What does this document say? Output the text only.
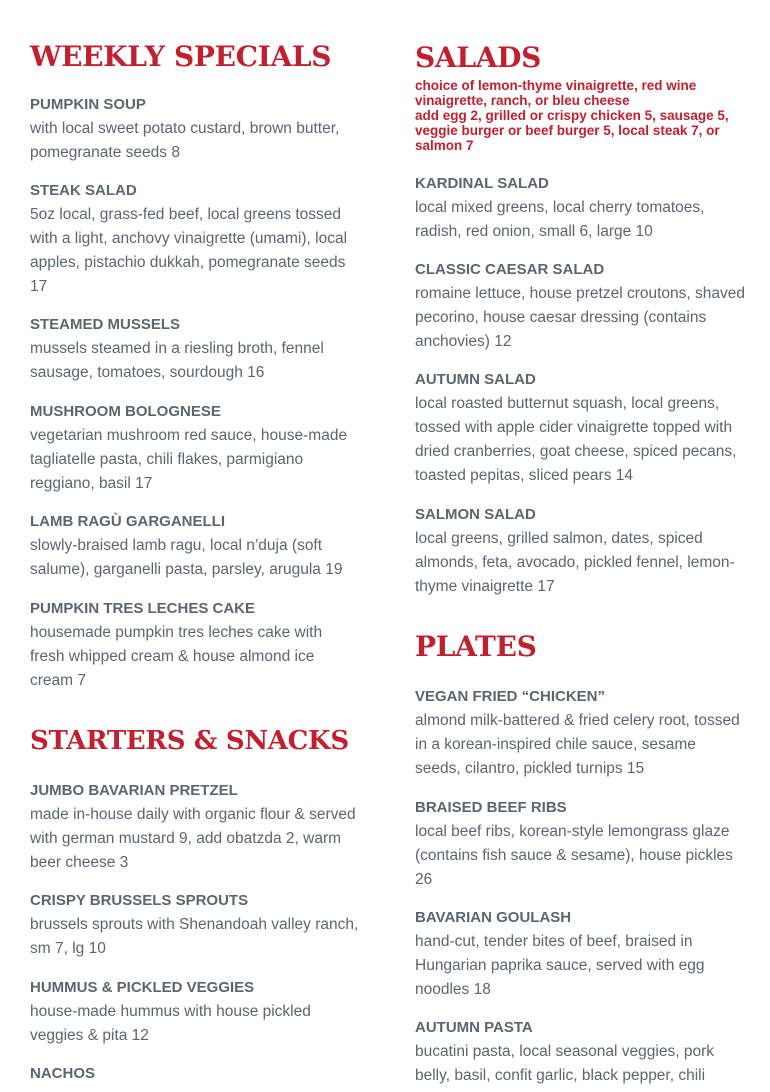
WEEKLY SPECIALS
PUMPKIN SOUP
with local sweet potato custard, brown butter, pomegranate seeds 8
STEAK SALAD
5oz local, grass-fed beef, local greens tossed with a light, anchovy vinaigrette (umami), local apples, pistachio dukkah, pomegranate seeds 17
STEAMED MUSSELS
mussels steamed in a riesling broth, fennel sausage, tomatoes, sourdough 16
MUSHROOM BOLOGNESE
vegetarian mushroom red sauce, house-made tagliatelle pasta, chili flakes, parmigiano reggiano, basil 17
LAMB RAGÙ GARGANELLI
slowly-braised lamb ragu, local n’duja (soft salume), garganelli pasta, parsley, arugula 19
PUMPKIN TRES LECHES CAKE
housemade pumpkin tres leches cake with fresh whipped cream & house almond ice cream 7
STARTERS & SNACKS
JUMBO BAVARIAN PRETZEL
made in-house daily with organic flour & served with german mustard 9, add obatzda 2, warm beer cheese 3
CRISPY BRUSSELS SPROUTS
brussels sprouts with Shenandoah valley ranch, sm 7, lg 10
HUMMUS & PICKLED VEGGIES
house-made hummus with house pickled veggies & pita 12
NACHOS
SALADS
choice of lemon-thyme vinaigrette, red wine vinaigrette, ranch, or bleu cheese
add egg 2, grilled or crispy chicken 5, sausage 5, veggie burger or beef burger 5, local steak 7, or salmon 7
KARDINAL SALAD
local mixed greens, local cherry tomatoes, radish, red onion, small 6, large 10
CLASSIC CAESAR SALAD
romaine lettuce, house pretzel croutons, shaved pecorino, house caesar dressing (contains anchovies) 12
AUTUMN SALAD
local roasted butternut squash, local greens, tossed with apple cider vinaigrette topped with dried cranberries, goat cheese, spiced pecans, toasted pepitas, sliced pears 14
SALMON SALAD
local greens, grilled salmon, dates, spiced almonds, feta, avocado, pickled fennel, lemon-thyme vinaigrette 17
PLATES
VEGAN FRIED “CHICKEN”
almond milk-battered & fried celery root, tossed in a korean-inspired chile sauce, sesame seeds, cilantro, pickled turnips 15
BRAISED BEEF RIBS
local beef ribs, korean-style lemongrass glaze (contains fish sauce & sesame), house pickles 26
BAVARIAN GOULASH
hand-cut, tender bites of beef, braised in Hungarian paprika sauce, served with egg noodles 18
AUTUMN PASTA
bucatini pasta, local seasonal veggies, pork belly, basil, confit garlic, black pepper, chili
